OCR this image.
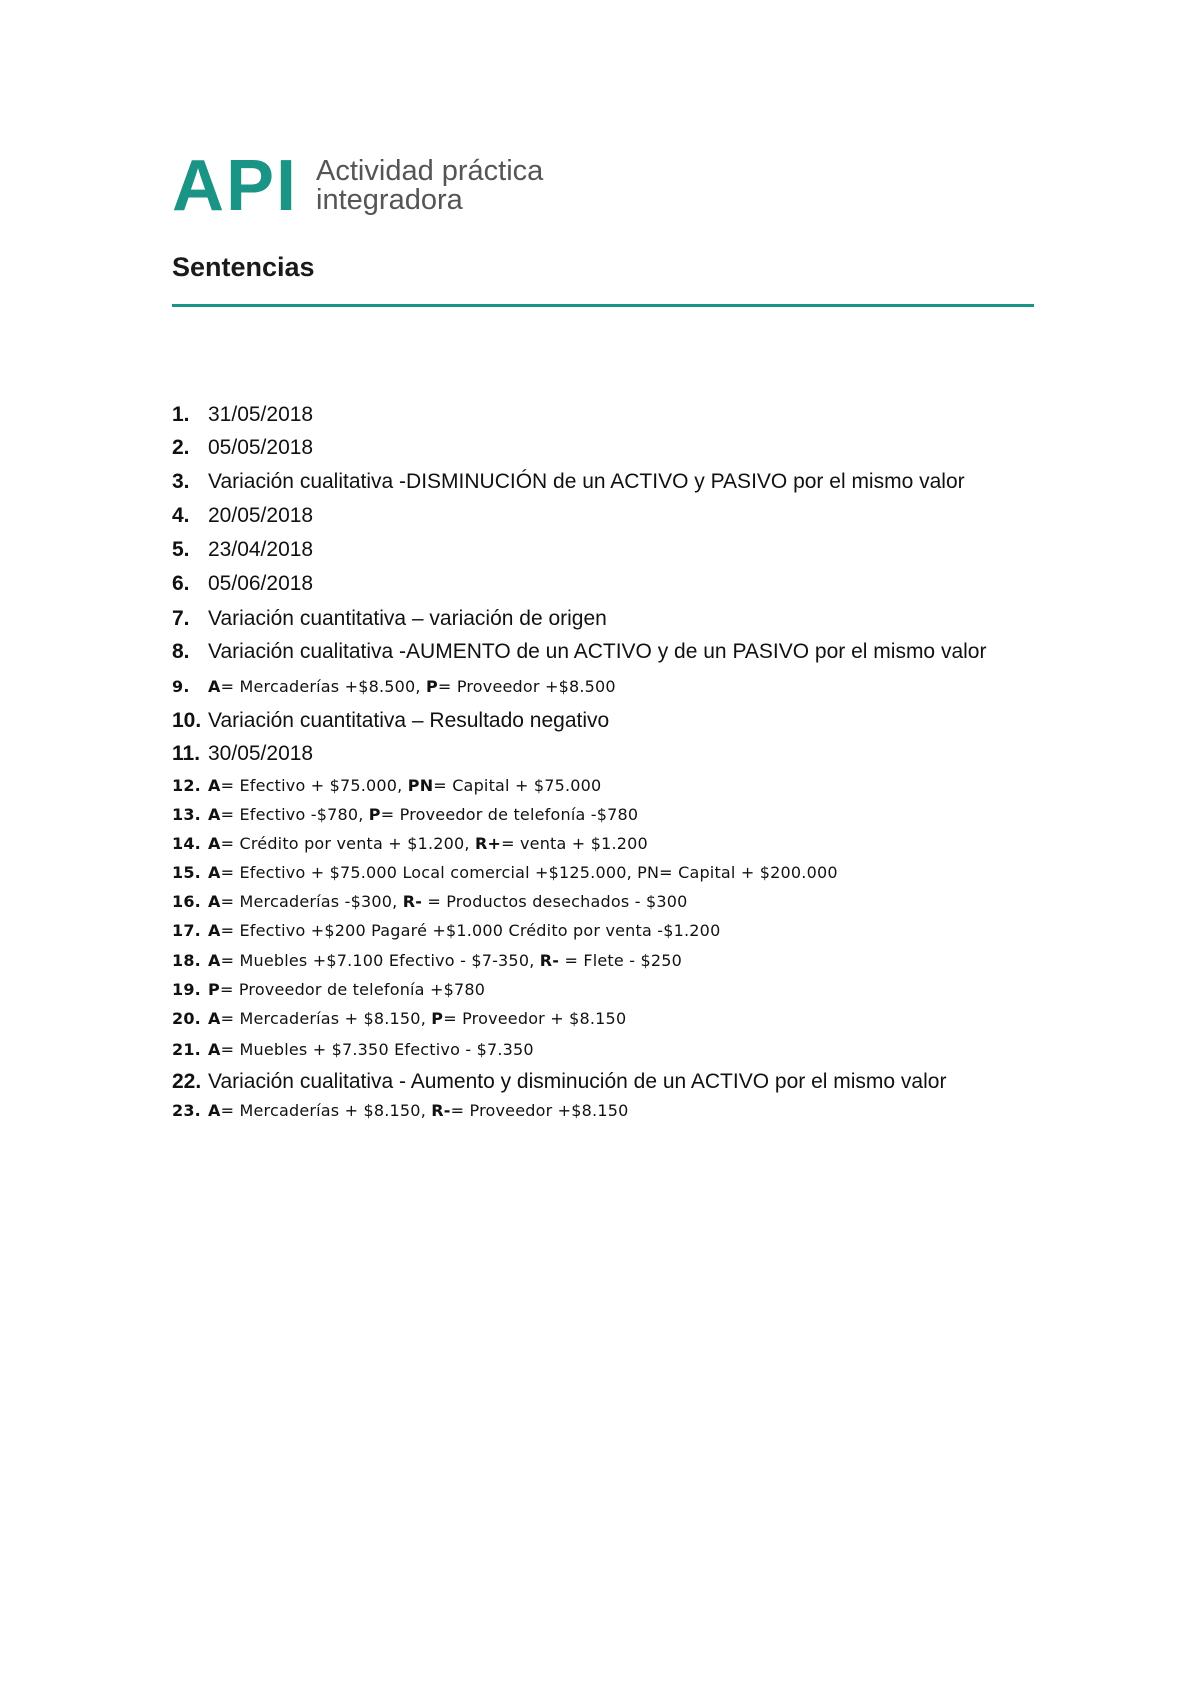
API Actividad práctica
integradora
Sentencias
1. 31/05/2018
2. 05/05/2018
3. Variación cualitativa -DISMINUCIÓN de un ACTIVO y PASIVO por el mismo valor
4. 20/05/2018
5. 23/04/2018
6. 05/06/2018
7. Variación cuantitativa – variación de origen
8. Variación cualitativa -AUMENTO de un ACTIVO y de un PASIVO por el mismo valor
9.	A= Mercaderías +$8.500, P= Proveedor +$8.500
10. Variación cuantitativa – Resultado negativo
11. 30/05/2018
12. A= Efectivo + $75.000, PN= Capital + $75.000
13. A= Efectivo -$780, P= Proveedor de telefonía -$780
14. A= Crédito por venta + $1.200, R+= venta + $1.200
15. A= Efectivo + $75.000 Local comercial +$125.000, PN= Capital + $200.000
16. A= Mercaderías -$300, R- = Productos desechados - $300
17. A= Efectivo +$200 Pagaré +$1.000 Crédito por venta -$1.200
18. A= Muebles +$7.100 Efectivo - $7-350, R- = Flete - $250
19. P= Proveedor de telefonía +$780
20. A= Mercaderías + $8.150, P= Proveedor + $8.150
21. A= Muebles + $7.350 Efectivo - $7.350
22. Variación cualitativa - Aumento y disminución de un ACTIVO por el mismo valor
23. A= Mercaderías + $8.150, R-= Proveedor +$8.150
